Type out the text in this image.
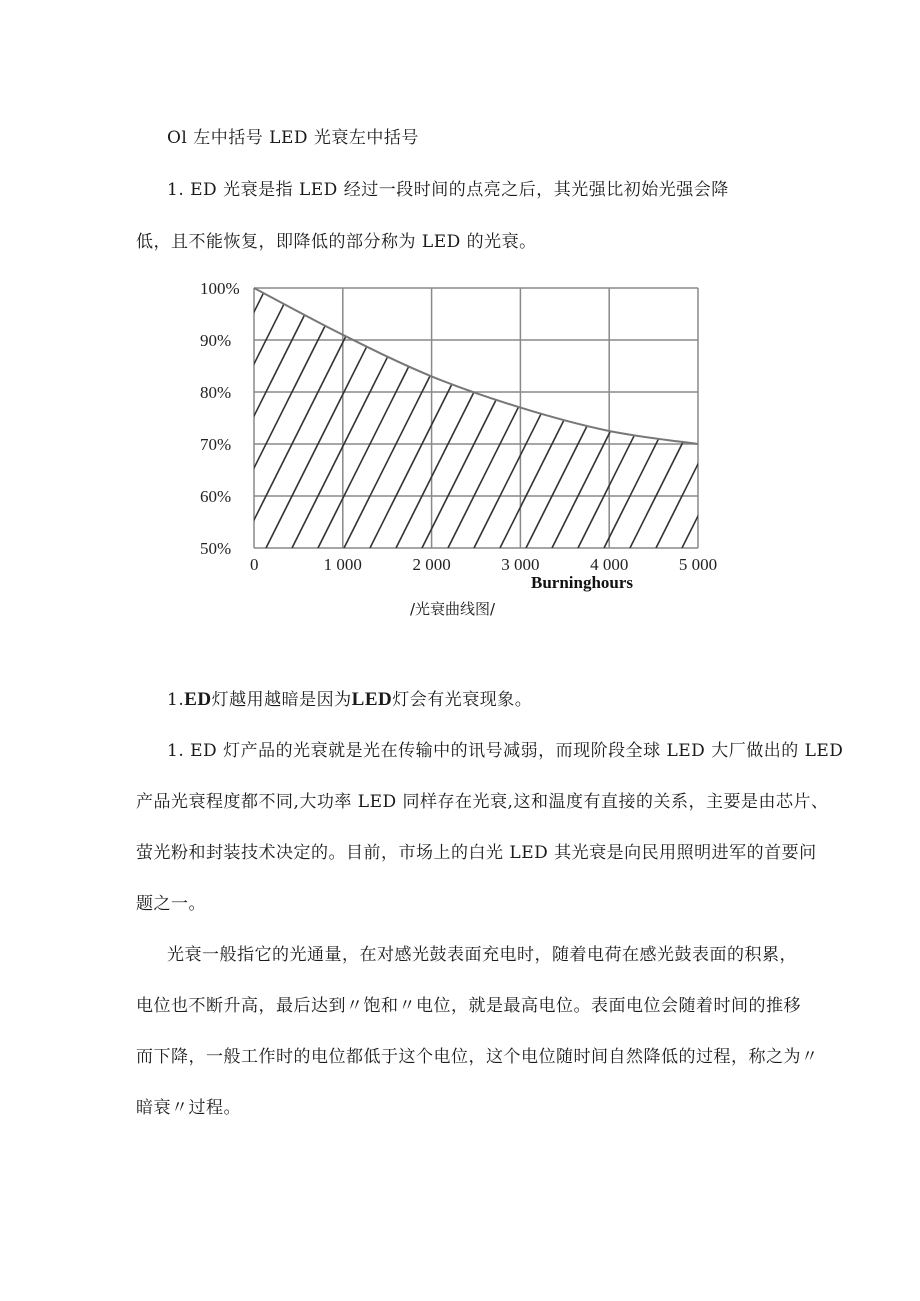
Ol 左中括号 LED 光衰左中括号
1. ED 光衰是指 LED 经过一段时间的点亮之后，其光强比初始光强会降
低，且不能恢复，即降低的部分称为 LED 的光衰。
100%
90%
80%
70%
60%
50%
0	1 000	2 000	3 000	4 000	5 000
Burninghours
/光衰曲线图/
1.ED灯越用越暗是因为LED灯会有光衰现象。
1. ED 灯产品的光衰就是光在传输中的讯号减弱，而现阶段全球 LED 大厂做出的 LED
产品光衰程度都不同,大功率 LED 同样存在光衰,这和温度有直接的关系，主要是由芯片、
萤光粉和封装技术决定的。目前，市场上的白光 LED 其光衰是向民用照明进军的首要问
题之一。
光衰一般指它的光通量，在对感光鼓表面充电时，随着电荷在感光鼓表面的积累，
电位也不断升高，最后达到〃饱和〃电位，就是最高电位。表面电位会随着时间的推移
而下降，一般工作时的电位都低于这个电位，这个电位随时间自然降低的过程，称之为〃
暗衰〃过程。
